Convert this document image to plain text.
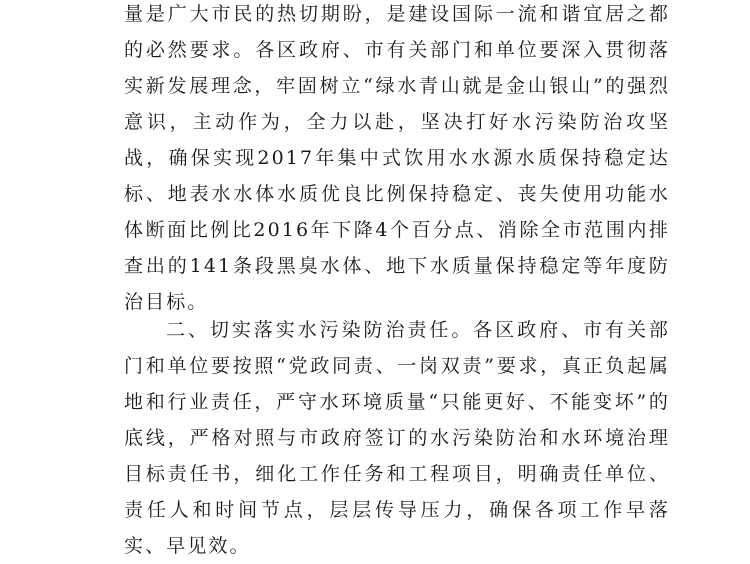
量是广大市民的热切期盼，是建设国际一流和谐宜居之都的必然要求。各区政府、市有关部门和单位要深入贯彻落实新发展理念，牢固树立“绿水青山就是金山银山”的强烈意识，主动作为，全力以赴，坚决打好水污染防治攻坚战，确保实现2017年集中式饮用水水源水质保持稳定达标、地表水水体水质优良比例保持稳定、丧失使用功能水体断面比例比2016年下降4个百分点、消除全市范围内排查出的141条段黑臭水体、地下水质量保持稳定等年度防治目标。

二、切实落实水污染防治责任。各区政府、市有关部门和单位要按照“党政同责、一岗双责”要求，真正负起属地和行业责任，严守水环境质量“只能更好、不能变坏”的底线，严格对照与市政府签订的水污染防治和水环境治理目标责任书，细化工作任务和工程项目，明确责任单位、责任人和时间节点，层层传导压力，确保各项工作早落实、早见效。
